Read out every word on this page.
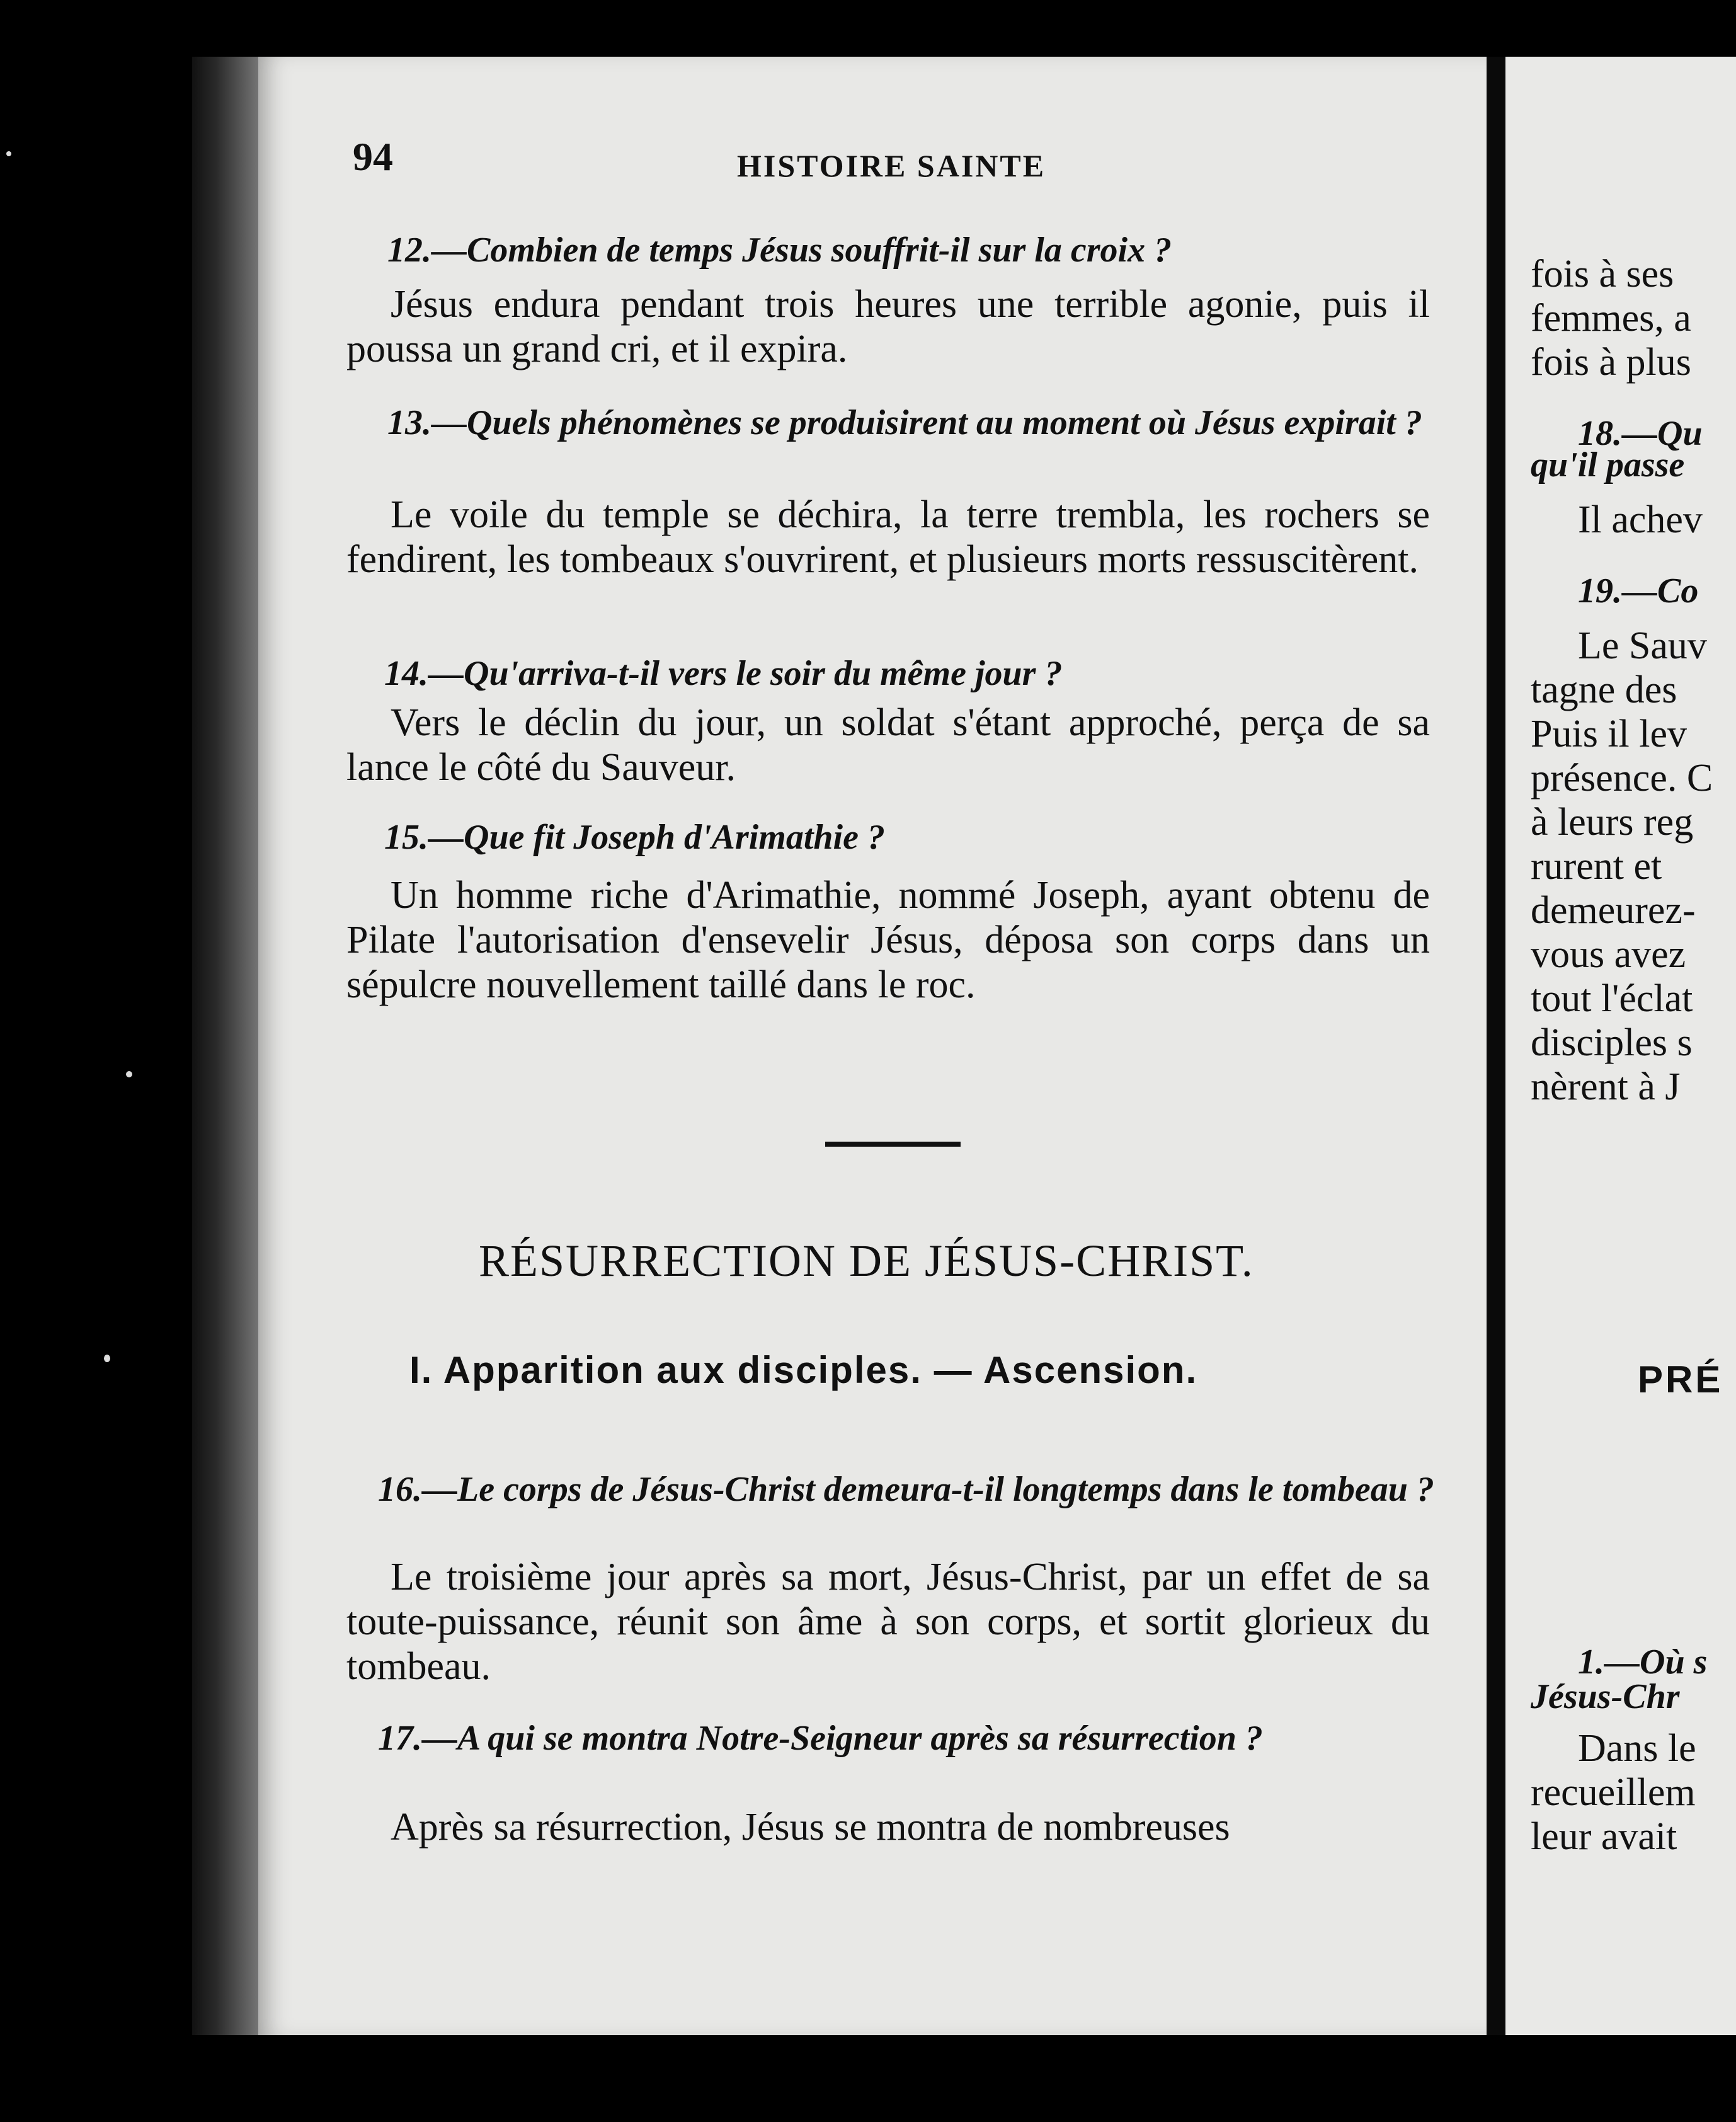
fois à ses
femmes, a
fois à plus
18.—Qu
qu'il passe
Il achev
19.—Co
Le Sauv
tagne des
Puis il lev
présence. C
à leurs reg
rurent et
demeurez-
vous avez
tout l'éclat
disciples s
nèrent à J
PRÉ
1.—Où s
Jésus-Chr
Dans le
recueillem
leur avait
94	HISTOIRE SAINTE
12.—Combien de temps Jésus souffrit-il sur la croix ?
Jésus endura pendant trois heures une terrible agonie, puis il poussa un grand cri, et il expira.
13.—Quels phénomènes se produisirent au moment où Jésus expirait ?
Le voile du temple se déchira, la terre trembla, les rochers se fendirent, les tombeaux s'ouvrirent, et plusieurs morts ressuscitèrent.
14.—Qu'arriva-t-il vers le soir du même jour ?
Vers le déclin du jour, un soldat s'étant approché, perça de sa lance le côté du Sauveur.
15.—Que fit Joseph d'Arimathie ?
Un homme riche d'Arimathie, nommé Joseph, ayant obtenu de Pilate l'autorisation d'ensevelir Jésus, déposa son corps dans un sépulcre nouvellement taillé dans le roc.
RÉSURRECTION DE JÉSUS-CHRIST.
I. Apparition aux disciples. — Ascension.
16.—Le corps de Jésus-Christ demeura-t-il longtemps dans le tombeau ?
Le troisième jour après sa mort, Jésus-Christ, par un effet de sa toute-puissance, réunit son âme à son corps, et sortit glorieux du tombeau.
17.—A qui se montra Notre-Seigneur après sa résurrection ?
Après sa résurrection, Jésus se montra de nombreuses
